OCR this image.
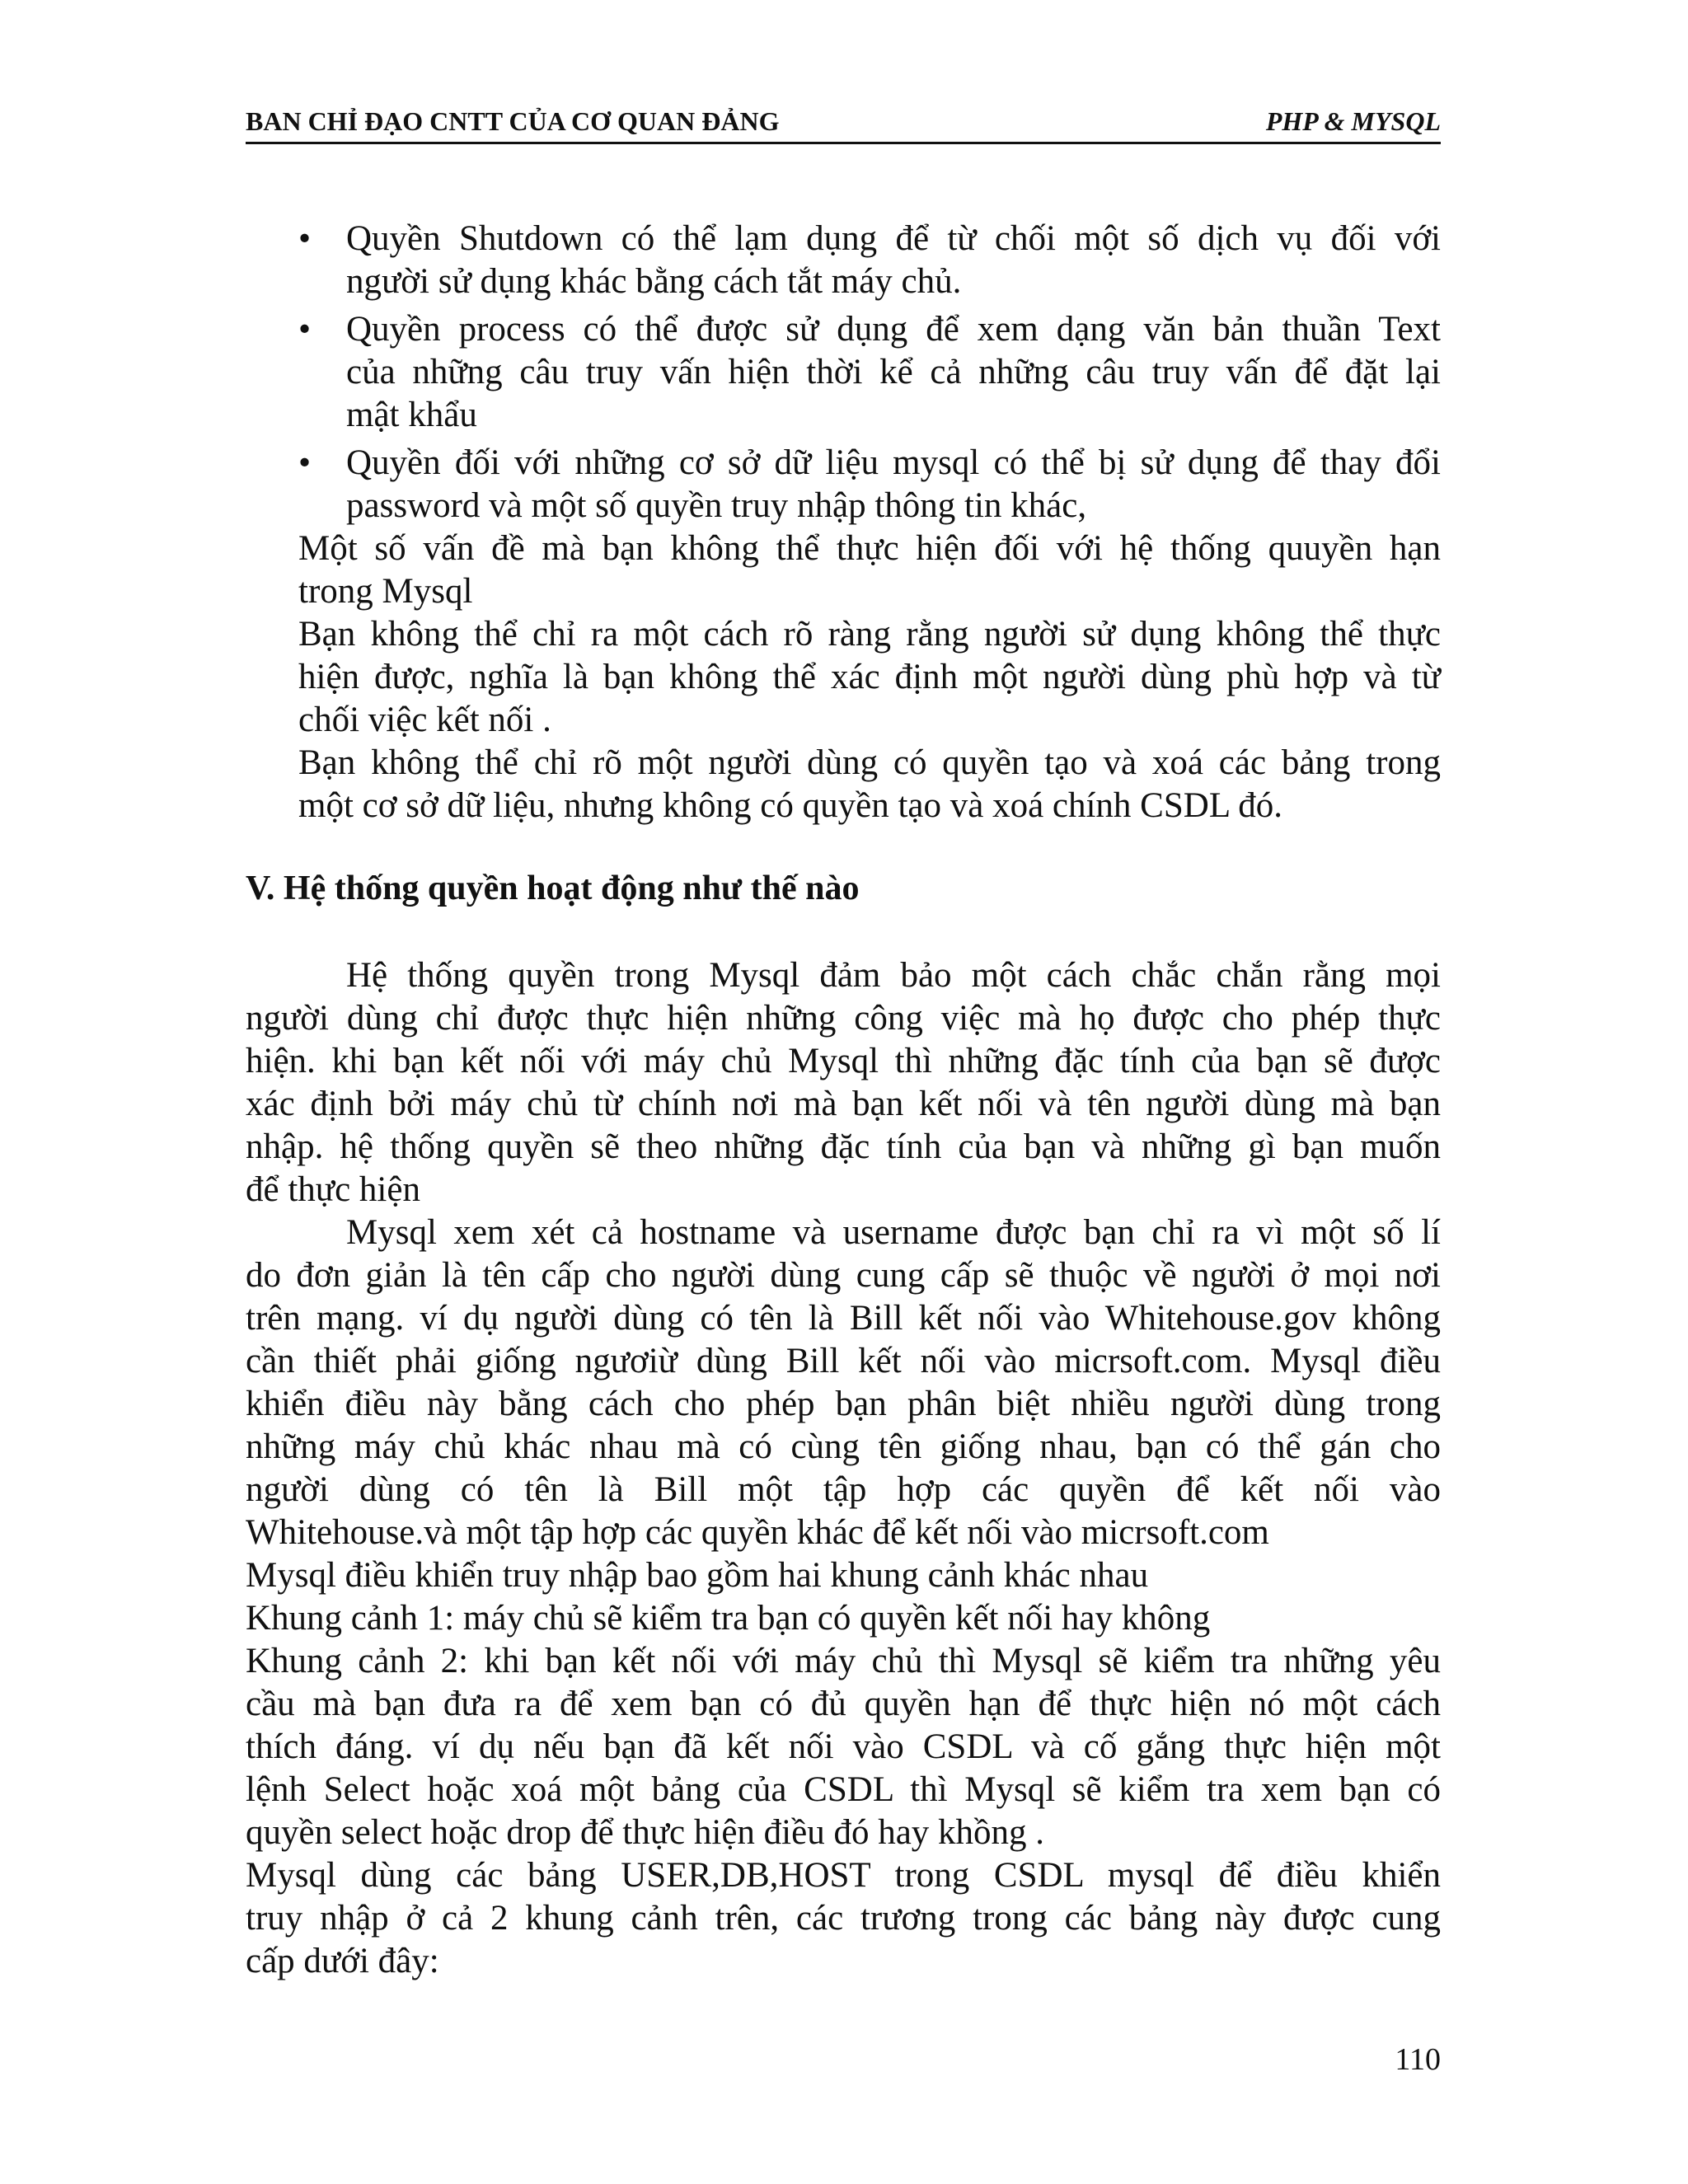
BAN CHỈ ĐẠO CNTT CỦA CƠ QUAN ĐẢNG	PHP & MYSQL
• Quyền Shutdown có thể lạm dụng để từ chối một số dịch vụ đối với
người sử dụng khác bằng cách tắt máy chủ.
• Quyền process có thể được sử dụng để xem dạng văn bản thuần Text
của những câu truy vấn hiện thời kể cả những câu truy vấn để đặt lại
mật khẩu
• Quyền đối với những cơ sở dữ liệu mysql có thể bị sử dụng để thay đổi
password và một số quyền truy nhập thông tin khác,
Một số vấn đề mà bạn không thể thực hiện đối với hệ thống quuyền hạn
trong Mysql
Bạn không thể chỉ ra một cách rõ ràng rằng người sử dụng không thể thực
hiện được, nghĩa là bạn không thể xác định một người dùng phù hợp và từ
chối việc kết nối .
Bạn không thể chỉ rõ một người dùng có quyền tạo và xoá các bảng trong
một cơ sở dữ liệu, nhưng không có quyền tạo và xoá chính CSDL đó.
V. Hệ thống quyền hoạt động như thế nào
Hệ thống quyền trong Mysql đảm bảo một cách chắc chắn rằng mọi
người dùng chỉ được thực hiện những công việc mà họ được cho phép thực
hiện. khi bạn kết nối với máy chủ Mysql thì những đặc tính của bạn sẽ được
xác định bởi máy chủ từ chính nơi mà bạn kết nối và tên người dùng mà bạn
nhập. hệ thống quyền sẽ theo những đặc tính của bạn và những gì bạn muốn
để thực hiện
Mysql xem xét cả hostname và username được bạn chỉ ra vì một số lí
do đơn giản là tên cấp cho người dùng cung cấp sẽ thuộc về người ở mọi nơi
trên mạng. ví dụ người dùng có tên là Bill kết nối vào Whitehouse.gov không
cần thiết phải giống ngươiừ dùng Bill kết nối vào micrsoft.com. Mysql điều
khiển điều này bằng cách cho phép bạn phân biệt nhiều người dùng trong
những máy chủ khác nhau mà có cùng tên giống nhau, bạn có thể gán cho
người dùng có tên là Bill một tập hợp các quyền để kết nối vào
Whitehouse.và một tập hợp các quyền khác để kết nối vào micrsoft.com
Mysql điều khiển truy nhập bao gồm hai khung cảnh khác nhau
Khung cảnh 1: máy chủ sẽ kiểm tra bạn có quyền kết nối hay không
Khung cảnh 2: khi bạn kết nối với máy chủ thì Mysql sẽ kiểm tra những yêu
cầu mà bạn đưa ra để xem bạn có đủ quyền hạn để thực hiện nó một cách
thích đáng. ví dụ nếu bạn đã kết nối vào CSDL và cố gắng thực hiện một
lệnh Select hoặc xoá một bảng của CSDL thì Mysql sẽ kiểm tra xem bạn có
quyền select hoặc drop để thực hiện điều đó hay khồng .
Mysql dùng các bảng USER,DB,HOST trong CSDL mysql để điều khiển
truy nhập ở cả 2 khung cảnh trên, các trương trong các bảng này được cung
cấp dưới đây:
110
